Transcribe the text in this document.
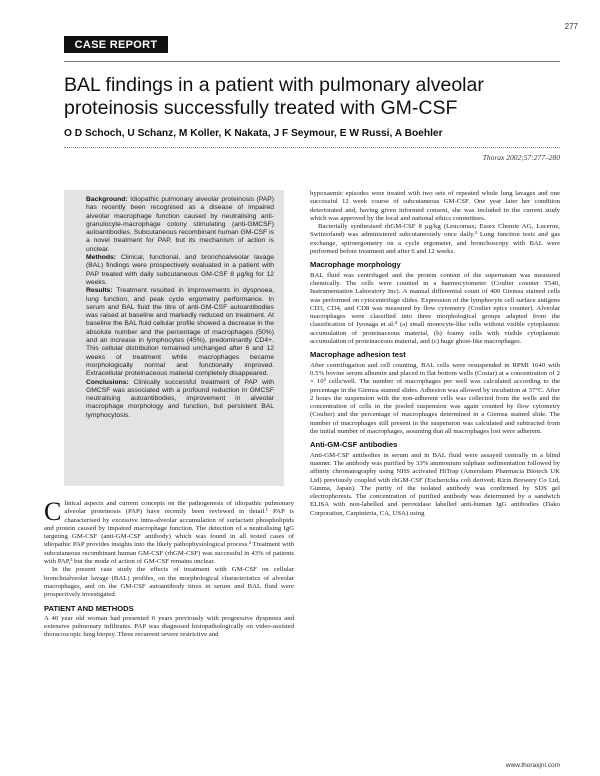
277
CASE REPORT
BAL findings in a patient with pulmonary alveolar proteinosis successfully treated with GM-CSF
O D Schoch, U Schanz, M Koller, K Nakata, J F Seymour, E W Russi, A Boehler
Thorax 2002;57:277–280

Background: Idiopathic pulmonary alveolar proteinosis (PAP) has recently been recognised as a disease of impaired alveolar macrophage function caused by neutralising anti-granulocyte-macrophage colony stimulating (anti-GMCSF) autoantibodies. Subcutaneous recombinant human GM-CSF is a novel treatment for PAP, but its mechanism of action is unclear.

Methods: Clinical, functional, and bronchoalveolar lavage (BAL) findings were prospectively evaluated in a patient with PAP treated with daily subcutaneous GM-CSF 8 µg/kg for 12 weeks.

Results: Treatment resulted in improvements in dyspnoea, lung function, and peak cycle ergometry performance. In serum and BAL fluid the titre of anti-GM-CSF autoantibodies was raised at baseline and markedly reduced on treatment. At baseline the BAL fluid cellular profile showed a decrease in the absolute number and the percentage of macrophages (50%) and an increase in lymphocytes (45%), predominantly CD4+. This cellular distribution remained unchanged after 6 and 12 weeks of treatment while macrophages became morphologically normal and functionally improved. Extracellular proteinaceous material completely disappeared.

Conclusions: Clinically successful treatment of PAP with GMCSF was associated with a profound reduction in GMCSF neutralising autoantibodies, improvement in alveolar macrophage morphology and function, but persistent BAL lymphocytosis.

Clinical aspects and current concepts on the pathogenesis of idiopathic pulmonary alveolar proteinosis (PAP) have recently been reviewed in detail.¹ PAP is characterised by excessive intra-alveolar accumulation of surfactant phospholipids and protein caused by impaired macrophage function. The detection of a neutralising IgG targeting GM-CSF (anti-GM-CSF antibody) which was found in all tested cases of idiopathic PAP provides insights into the likely pathophysiological process.² Treatment with subcutaneous recombinant human GM-CSF (rhGM-CSF) was successful in 43% of patients with PAP,³ but the mode of action of GM-CSF remains unclear.

In the present case study the effects of treatment with GM-CSF on cellular bronchoalveolar lavage (BAL) profiles, on the morphological characteristics of alveolar macrophages, and on the GM-CSF autoantibody titres in serum and BAL fluid were prospectively investigated.

PATIENT AND METHODS

A 40 year old woman had presented 6 years previously with progressive dyspnoea and extensive pulmonary infiltrates. PAP was diagnosed histopathologically on video-assisted thoracoscopic lung biopsy. Three recurrent severe restrictive and

hypoxaemic episodes were treated with two sets of repeated whole lung lavages and one successful 12 week course of subcutaneous GM-CSF. One year later her condition deteriorated and, having given informed consent, she was included in the current study which was approved by the local and national ethics committees.

Bacterially synthesised rhGM-CSF 8 µg/kg (Leucomax; Essex Chemie AG, Lucerne, Switzerland) was administered subcutaneously once daily.³ Lung function tests and gas exchange, spiroergometry on a cycle ergometer, and bronchoscopy with BAL were performed before treatment and after 6 and 12 weeks.

Macrophage morphology

BAL fluid was centrifuged and the protein content of the supernatant was measured chemically. The cells were counted in a haemocytometer (Coulter counter T540, Instrumentation Laboratory Inc). A manual differential count of 400 Giemsa stained cells was performed on cytocentrifuge slides. Expression of the lymphocyte cell surface antigens CD3, CD4, and CD8 was measured by flow cytometry (Coulter epics counter). Alveolar macrophages were classified into three morphological groups adapted from the classification of Iyonaga et al:⁴ (a) small monocyte-like cells without visible cytoplasmic accumulation of proteinaceous material, (b) foamy cells with visible cytoplasmic accumulation of proteinaceous material, and (c) huge ghost-like macrophages.

Macrophage adhesion test

After centrifugation and cell counting, BAL cells were resuspended in RPMI 1640 with 0.5% bovine serum albumin and placed in flat bottom wells (Costar) at a concentration of 2 × 10⁵ cells/well. The number of macrophages per well was calculated according to the percentage in the Giemsa stained slides. Adhesion was allowed by incubation at 37°C. After 2 hours the suspension with the non-adherent cells was collected from the wells and the concentration of cells in the pooled suspension was again counted by flow cytometry (Coulter) and the percentage of macrophages determined in a Giemsa stained slide. The number of macrophages still present in the suspension was calculated and subtracted from the initial number of macrophages, assuming that all macrophages lost were adherent.

Anti-GM-CSF antibodies

Anti-GM-CSF antibodies in serum and in BAL fluid were assayed centrally in a blind manner. The antibody was purified by 33% ammonium sulphate sedimentation followed by affinity chromatography using NHS activated HiTrap (Amersham Pharmacia Biotech UK Ltd) previously coupled with rhGM-CSF (Escherichia coli derived; Kirin Brewery Co Ltd, Gunma, Japan). The purity of the isolated antibody was confirmed by SDS gel electrophoresis. The concentration of purified antibody was determined by a sandwich ELISA with non-labelled and peroxidase labelled anti-human IgG antibodies (Dako Corporation, Carpinteria, CA, USA) using

www.thoraxjnl.com
